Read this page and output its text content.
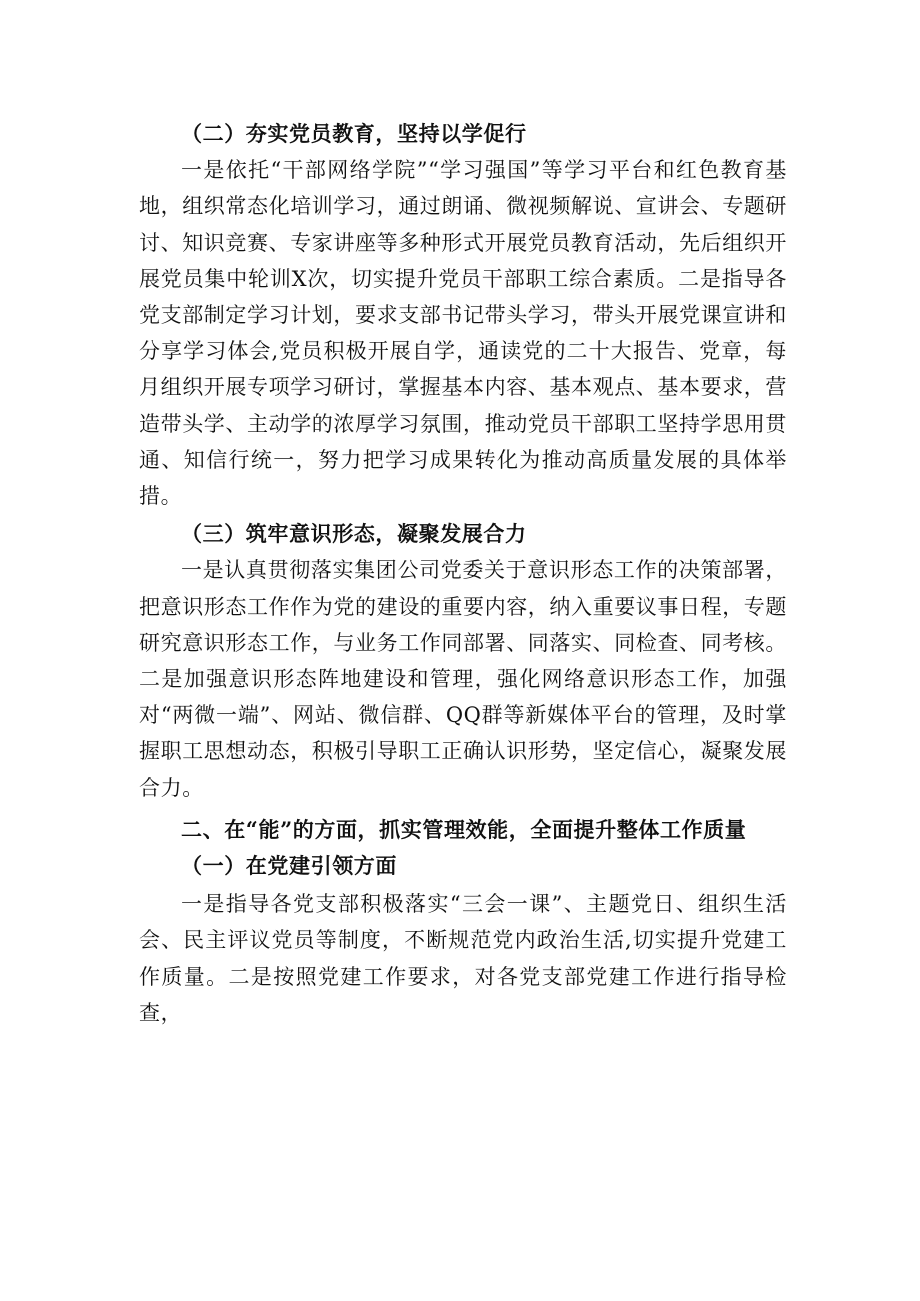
（二）夯实党员教育，坚持以学促行

一是依托“干部网络学院”“学习强国”等学习平台和红色教育基地，组织常态化培训学习，通过朗诵、微视频解说、宣讲会、专题研讨、知识竞赛、专家讲座等多种形式开展党员教育活动，先后组织开展党员集中轮训X次，切实提升党员干部职工综合素质。二是指导各党支部制定学习计划，要求支部书记带头学习，带头开展党课宣讲和分享学习体会,党员积极开展自学，通读党的二十大报告、党章，每月组织开展专项学习研讨，掌握基本内容、基本观点、基本要求，营造带头学、主动学的浓厚学习氛围，推动党员干部职工坚持学思用贯通、知信行统一，努力把学习成果转化为推动高质量发展的具体举措。

（三）筑牢意识形态，凝聚发展合力

一是认真贯彻落实集团公司党委关于意识形态工作的决策部署，把意识形态工作作为党的建设的重要内容，纳入重要议事日程，专题研究意识形态工作，与业务工作同部署、同落实、同检查、同考核。二是加强意识形态阵地建设和管理，强化网络意识形态工作，加强对“两微一端”、网站、微信群、QQ群等新媒体平台的管理，及时掌握职工思想动态，积极引导职工正确认识形势，坚定信心，凝聚发展合力。

二、在“能”的方面，抓实管理效能，全面提升整体工作质量

（一）在党建引领方面

一是指导各党支部积极落实“三会一课”、主题党日、组织生活会、民主评议党员等制度，不断规范党内政治生活,切实提升党建工作质量。二是按照党建工作要求，对各党支部党建工作进行指导检查，
